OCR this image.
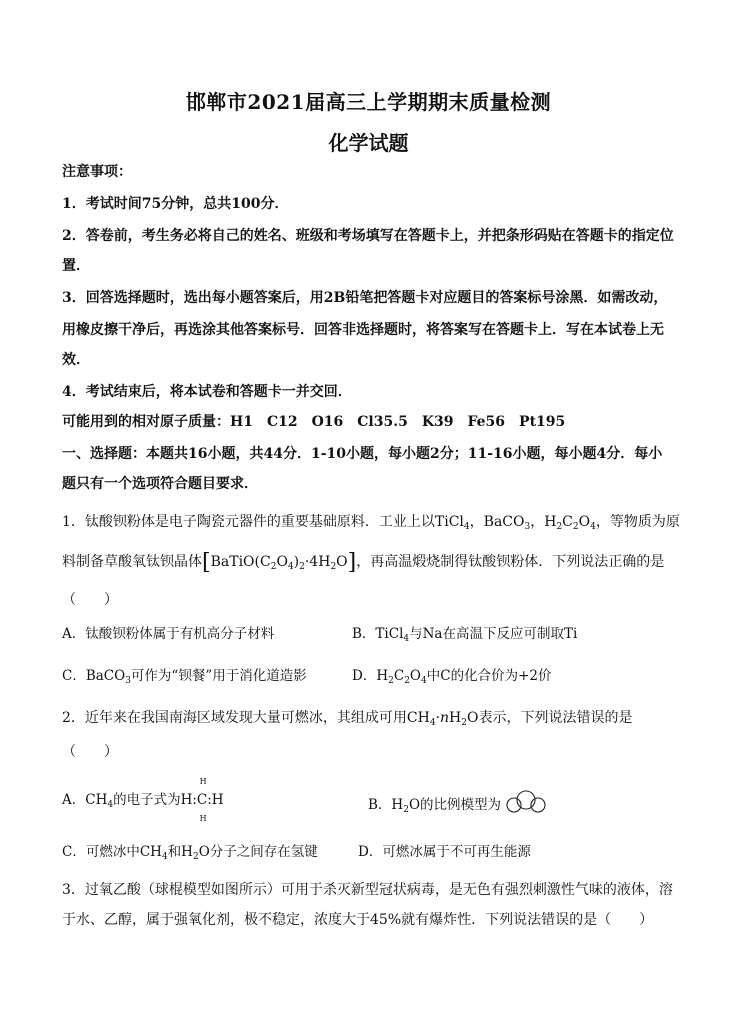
邯郸市2021届高三上学期期末质量检测
化学试题
注意事项：
1．考试时间75分钟，总共100分．
2．答卷前，考生务必将自己的姓名、班级和考场填写在答题卡上，并把条形码贴在答题卡的指定位
置．
3．回答选择题时，选出每小题答案后，用2B铅笔把答题卡对应题目的答案标号涂黑．如需改动，
用橡皮擦干净后，再选涂其他答案标号．回答非选择题时，将答案写在答题卡上．写在本试卷上无
效．
4．考试结束后，将本试卷和答题卡一并交回．
可能用到的相对原子质量：H1　C12　O16　Cl35.5　K39　Fe56　Pt195
一、选择题：本题共16小题，共44分．1-10小题，每小题2分；11-16小题，每小题4分．每小
题只有一个选项符合题目要求．
1．钛酸钡粉体是电子陶瓷元器件的重要基础原料．工业上以TiCl$_4$，BaCO$_3$，$H_2C_2O_4$，等物质为原
料制备草酸氧钛钡晶体$[BaTiO(C_2O_4)_2\cdot 4H_2O]$，再高温煅烧制得钛酸钡粉体．下列说法正确的是
（　　）
A．钛酸钡粉体属于有机高分子材料	B．TiCl$_4$与Na在高温下反应可制取Ti
C．BaCO$_3$可作为“钡餐”用于消化道造影	D．$H_2C_2O_4$中C的化合价为+2价
2．近年来在我国南海区域发现大量可燃冰，其组成可用$CH_4\cdot nH_2O$表示，下列说法错误的是
（　　）
A．$CH_4$的电子式为H:C:H
H
H
B．$H_2O$的比例模型为
C．可燃冰中$CH_4$和$H_2O$分子之间存在氢键	D．可燃冰属于不可再生能源
3．过氧乙酸（球棍模型如图所示）可用于杀灭新型冠状病毒，是无色有强烈刺激性气味的液体，溶
于水、乙醇，属于强氧化剂，极不稳定，浓度大于45%就有爆炸性．下列说法错误的是（　　）
